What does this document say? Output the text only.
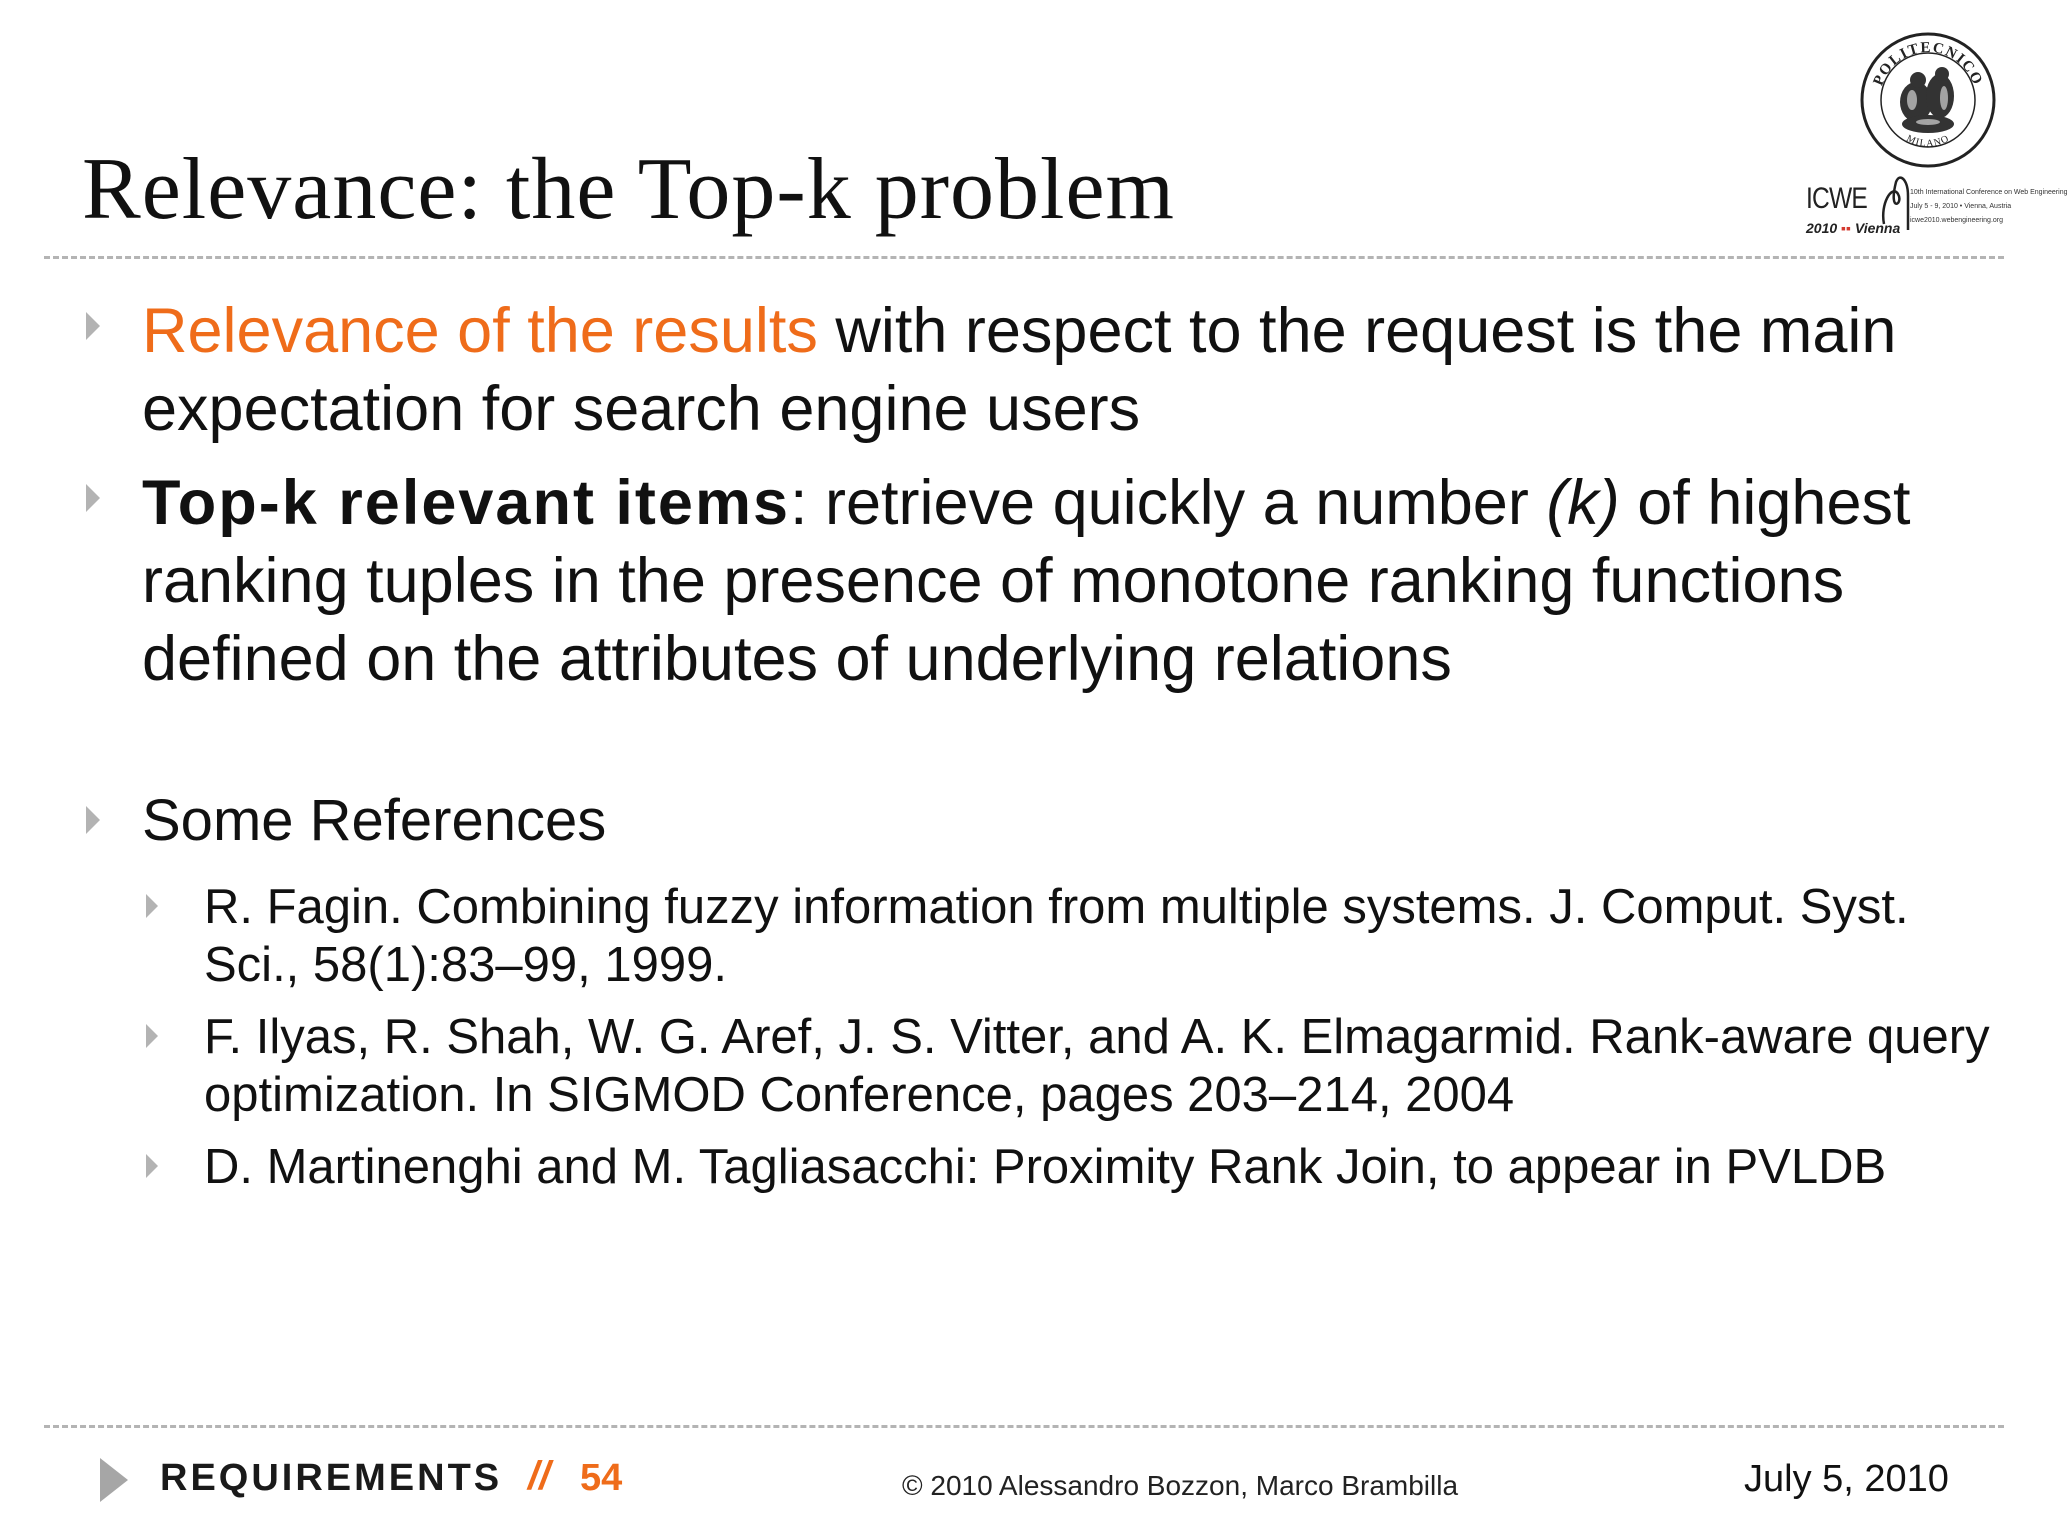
Relevance: the Top-k problem
POLITECNICO
MILANO
ICWE
2010 ▪▪ Vienna
10th International Conference on Web Engineering
July 5 - 9, 2010 • Vienna, Austria
icwe2010.webengineering.org
Relevance of the results with respect to the request is the main expectation for search engine users
Top-k relevant items: retrieve quickly a number (k) of highest ranking tuples in the presence of monotone ranking functions defined on the attributes of underlying relations
Some References
R. Fagin. Combining fuzzy information from multiple systems. J. Comput. Syst. Sci., 58(1):83–99, 1999.
F. Ilyas, R. Shah, W. G. Aref, J. S. Vitter, and A. K. Elmagarmid. Rank-aware query optimization. In SIGMOD Conference, pages 203–214, 2004
D. Martinenghi and M. Tagliasacchi: Proximity Rank Join, to appear in PVLDB
REQUIREMENTS // 54	© 2010 Alessandro Bozzon, Marco Brambilla	July 5, 2010
